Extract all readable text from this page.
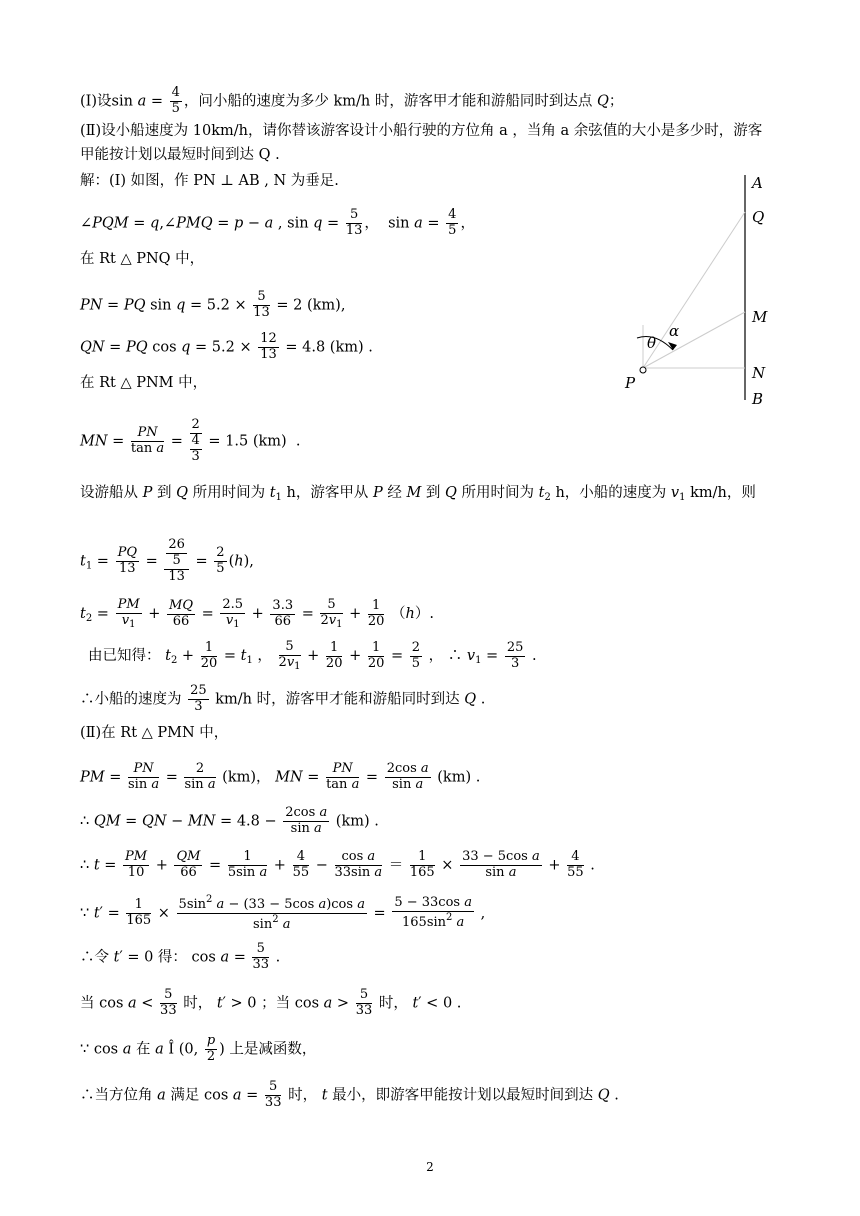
(Ⅰ)设$\sin a = \frac{4}{5}$ ，问小船的速度为多少 km/h 时，游客甲才能和游船同时到达点 Q；
(Ⅱ)设小船速度为 10km/h，请你替该游客设计小船行驶的方位角 a ，当角 a 余弦值的大小是多少时，游客
甲能按计划以最短时间到达 Q .
解：(Ⅰ) 如图，作 PN ⊥ AB , N 为垂足.
∠PQM = q,∠PMQ = p − a , $\sin q = \frac{5}{13}$ ，  $\sin a = \frac{4}{5}$ ，
在 Rt △ PNQ 中，
PN = PQ $\sin q = 5.2 \times \frac{5}{13} = 2$ (km),
QN = PQ $\cos q = 5.2 \times \frac{12}{13} = 4.8$ (km) .
在 Rt △ PNM 中，
MN = $\frac{PN}{\text{tan a}} = \frac{2}{\frac{4}{3}} = 1.5$ (km)  .
设游船从 P 到 Q 所用时间为 $t_1$ h，游客甲从 P 经 M 到 Q 所用时间为 $t_2$ h，小船的速度为 $v_1$ km/h，则
$t_1 = \frac{PQ}{13} = \frac{\frac{26}{5}}{13} = \frac{2}{5} (h)$,
$t_2 = \frac{PM}{v_1} + \frac{MQ}{66} = \frac{2.5}{v_1} + \frac{3.3}{66} = \frac{5}{2v_1} + \frac{1}{20} (h)$.
由已知得： $t_2 + \frac{1}{20} = t_1$ ， $\frac{5}{2v_1} + \frac{1}{20} + \frac{1}{20} = \frac{2}{5}$ ， ∴ $v_1 = \frac{25}{3}$ .
∴小船的速度为 $\frac{25}{3} km/h$ 时，游客甲才能和游船同时到达 Q .
(Ⅱ)在 Rt △ PMN 中，
PM = $\frac{PN}{\text{sin a}} = \frac{2}{\text{sin a}} (km)$， MN = $\frac{PN}{\text{tan a}} = \frac{\text{2cos a}}{\text{sin a}} (km)$ .
∴ QM = QN − MN = $4.8 - \frac{\text{2cos a}}{\text{sin a}} (km)$ .
∴ $t = \frac{PM}{10} + \frac{QM}{66} = \frac{1}{\text{5sin a}} + \frac{4}{55} - \frac{\text{cos a}}{\text{33sin a}} = \frac{1}{165} \times \frac{\text{33 − 5cos a}}{\text{sin a}} + \frac{4}{55}$ .
∵ $t' = \frac{1}{165} \times \frac{5\sin^2 a - (33 - 5\cos a)\cos a}{\sin^2 a} = \frac{\text{5 − 33cos a}}{165\sin^2 a}$ ,
∴令 t′ = 0 得： $\cos a = \frac{5}{33}$ .
当 $\cos a < \frac{5}{33}$ 时， t′ > 0 ；当 $\cos a > \frac{5}{33}$ 时， t′ < 0 .
∵ cos a 在 a Î (0, $\frac{p}{2}$ ) 上是减函数，
∴当方位角 a 满足 $\cos a = \frac{5}{33}$ 时， t 最小，即游客甲能按计划以最短时间到达 Q .
A
Q
M
N
B
P
θ
α
2
